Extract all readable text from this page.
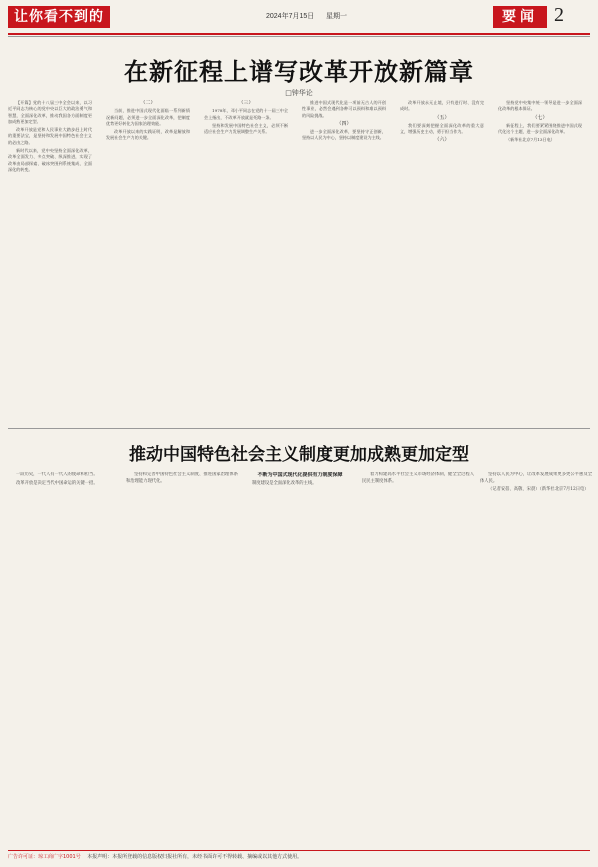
让你看不到的	2024年7月15日 星期一	要闻 2
在新征程上谱写改革开放新篇章
□钟华论

【开篇】党的十八届三中全会以来，以习近平同志为核心的党中央以巨大的政治勇气和智慧，全面深化改革，推动我国各方面制度更加成熟更加定型。

改革开放是党和人民事业大踏步赶上时代的重要法宝，是坚持和发展中国特色社会主义的必由之路。

新时代以来，党中央坚持全面深化改革，改革全面发力、多点突破、纵深推进，实现了改革由局部探索、破冰突围到系统集成、全面深化的转变。

（二）

当前，推进中国式现代化面临一系列新情况新问题，必须进一步全面深化改革，把制度优势更好转化为国家治理效能。

改革开放以来的实践证明，改革是解放和发展社会生产力的关键。

（三）

1978年，邓小平同志在党的十一届三中全会上指出，不改革开放就是死路一条。

坚持和发展中国特色社会主义，必须不断适应社会生产力发展调整生产关系。

推进中国式现代化是一项前无古人的开创性事业，必然会遇到各种可以预料和难以预料的风险挑战。

（四）

进一步全面深化改革，要坚持守正创新，坚持以人民为中心，坚持以制度建设为主线。

改革开放永无止境，只有进行时、没有完成时。

（五）

我们要深刻把握全面深化改革的重大意义，增强历史主动，勇于担当作为。

（六）

坚持党中央集中统一领导是进一步全面深化改革的根本保证。

（七）

新征程上，我们要紧紧围绕推进中国式现代化这个主题，进一步全面深化改革。

（新华社北京7月13日电）

推动中国特色社会主义制度更加成熟更加定型

一段历史，一代人有一代人的使命和担当。

改革开放是决定当代中国命运的关键一招。

坚持和完善中国特色社会主义制度、推进国家治理体系和治理能力现代化。

不断为中国式现代化提供有力制度保障

制度建设是全面深化改革的主线。

着力构建高水平社会主义市场经济体制，健全全过程人民民主制度体系。

坚持以人民为中心，让改革发展成果更多更公平惠及全体人民。

（记者安蓓、高敬、宋晨）（新华社北京7月12日电）

广告许可证：琼工商广字1001号 本报声明：本报所登载的信息版权归报社所有，未经书面许可不得转载、摘编或以其他方式使用。
